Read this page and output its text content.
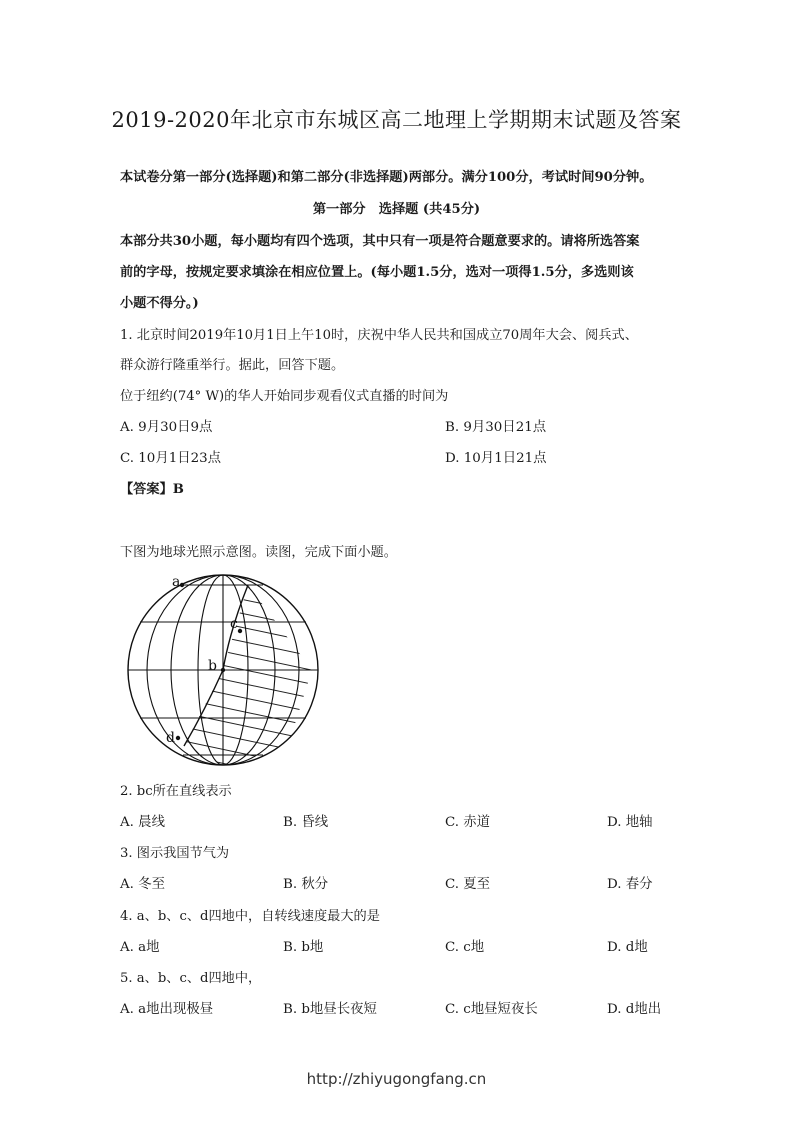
2019-2020年北京市东城区高二地理上学期期末试题及答案
本试卷分第一部分(选择题)和第二部分(非选择题)两部分。满分100分，考试时间90分钟。
第一部分　选择题 (共45分)
本部分共30小题，每小题均有四个选项，其中只有一项是符合题意要求的。请将所选答案
前的字母，按规定要求填涂在相应位置上。(每小题1.5分，选对一项得1.5分，多选则该
小题不得分。)
1. 北京时间2019年10月1日上午10时，庆祝中华人民共和国成立70周年大会、阅兵式、
群众游行隆重举行。据此，回答下题。
位于纽约(74° W)的华人开始同步观看仪式直播的时间为
A. 9月30日9点	B. 9月30日21点
C. 10月1日23点	D. 10月1日21点
【答案】B
下图为地球光照示意图。读图，完成下面小题。
a
b
c
d
2. bc所在直线表示
A. 晨线	B. 昏线	C. 赤道	D. 地轴
3. 图示我国节气为
A. 冬至	B. 秋分	C. 夏至	D. 春分
4. a、b、c、d四地中，自转线速度最大的是
A. a地	B. b地	C. c地	D. d地
5. a、b、c、d四地中，
A. a地出现极昼	B. b地昼长夜短	C. c地昼短夜长	D. d地出
http://zhiyugongfang.cn
